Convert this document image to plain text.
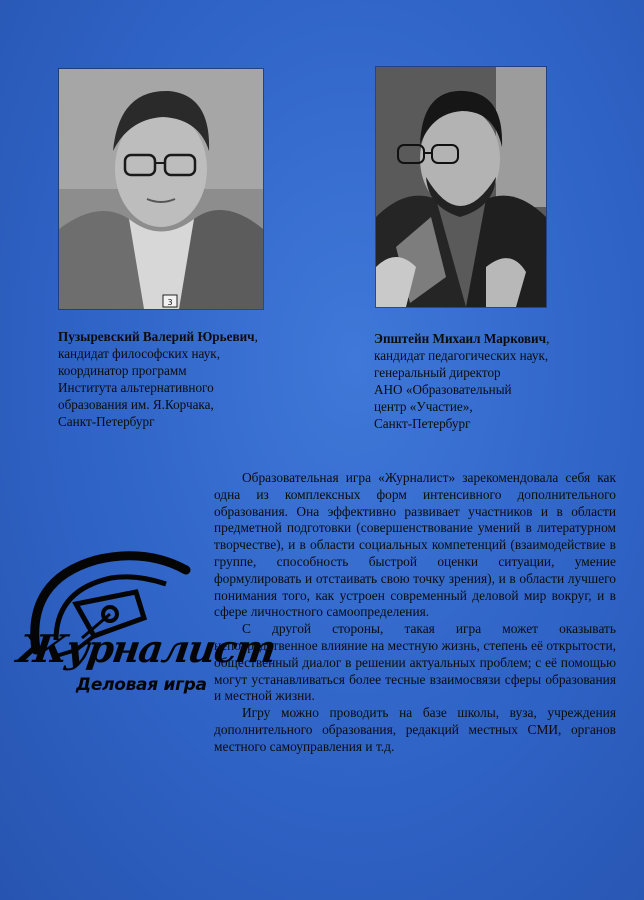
3
Пузыревский Валерий Юрьевич,
кандидат философских наук,
координатор программ
Института альтернативного
образования им. Я.Корчака,
Санкт-Петербург
Эпштейн Михаил Маркович,
кандидат педагогических наук,
генеральный директор
АНО «Образовательный
центр «Участие»,
Санкт-Петербург
Журналист
Деловая игра

Образовательная игра «Журналист» зарекомендовала себя как одна из комплексных форм интенсивного дополнительного образования. Она эффективно развивает участников и в области предметной подготовки (совершенствование умений в литературном творчестве), и в области социальных компетенций (взаимодействие в группе, способность быстрой оценки ситуации, умение формулировать и отстаивать свою точку зрения), и в области лучшего понимания того, как устроен современный деловой мир вокруг, и в сфере личностного самоопределения.

С другой стороны, такая игра может оказывать непосредственное влияние на местную жизнь, степень её открытости, общественный диалог в решении актуальных проблем; с её помощью могут устанавливаться более тесные взаимосвязи сферы образования и местной жизни.

Игру можно проводить на базе школы, вуза, учреждения дополнительного образования, редакций местных СМИ, органов местного самоуправления и т.д.
